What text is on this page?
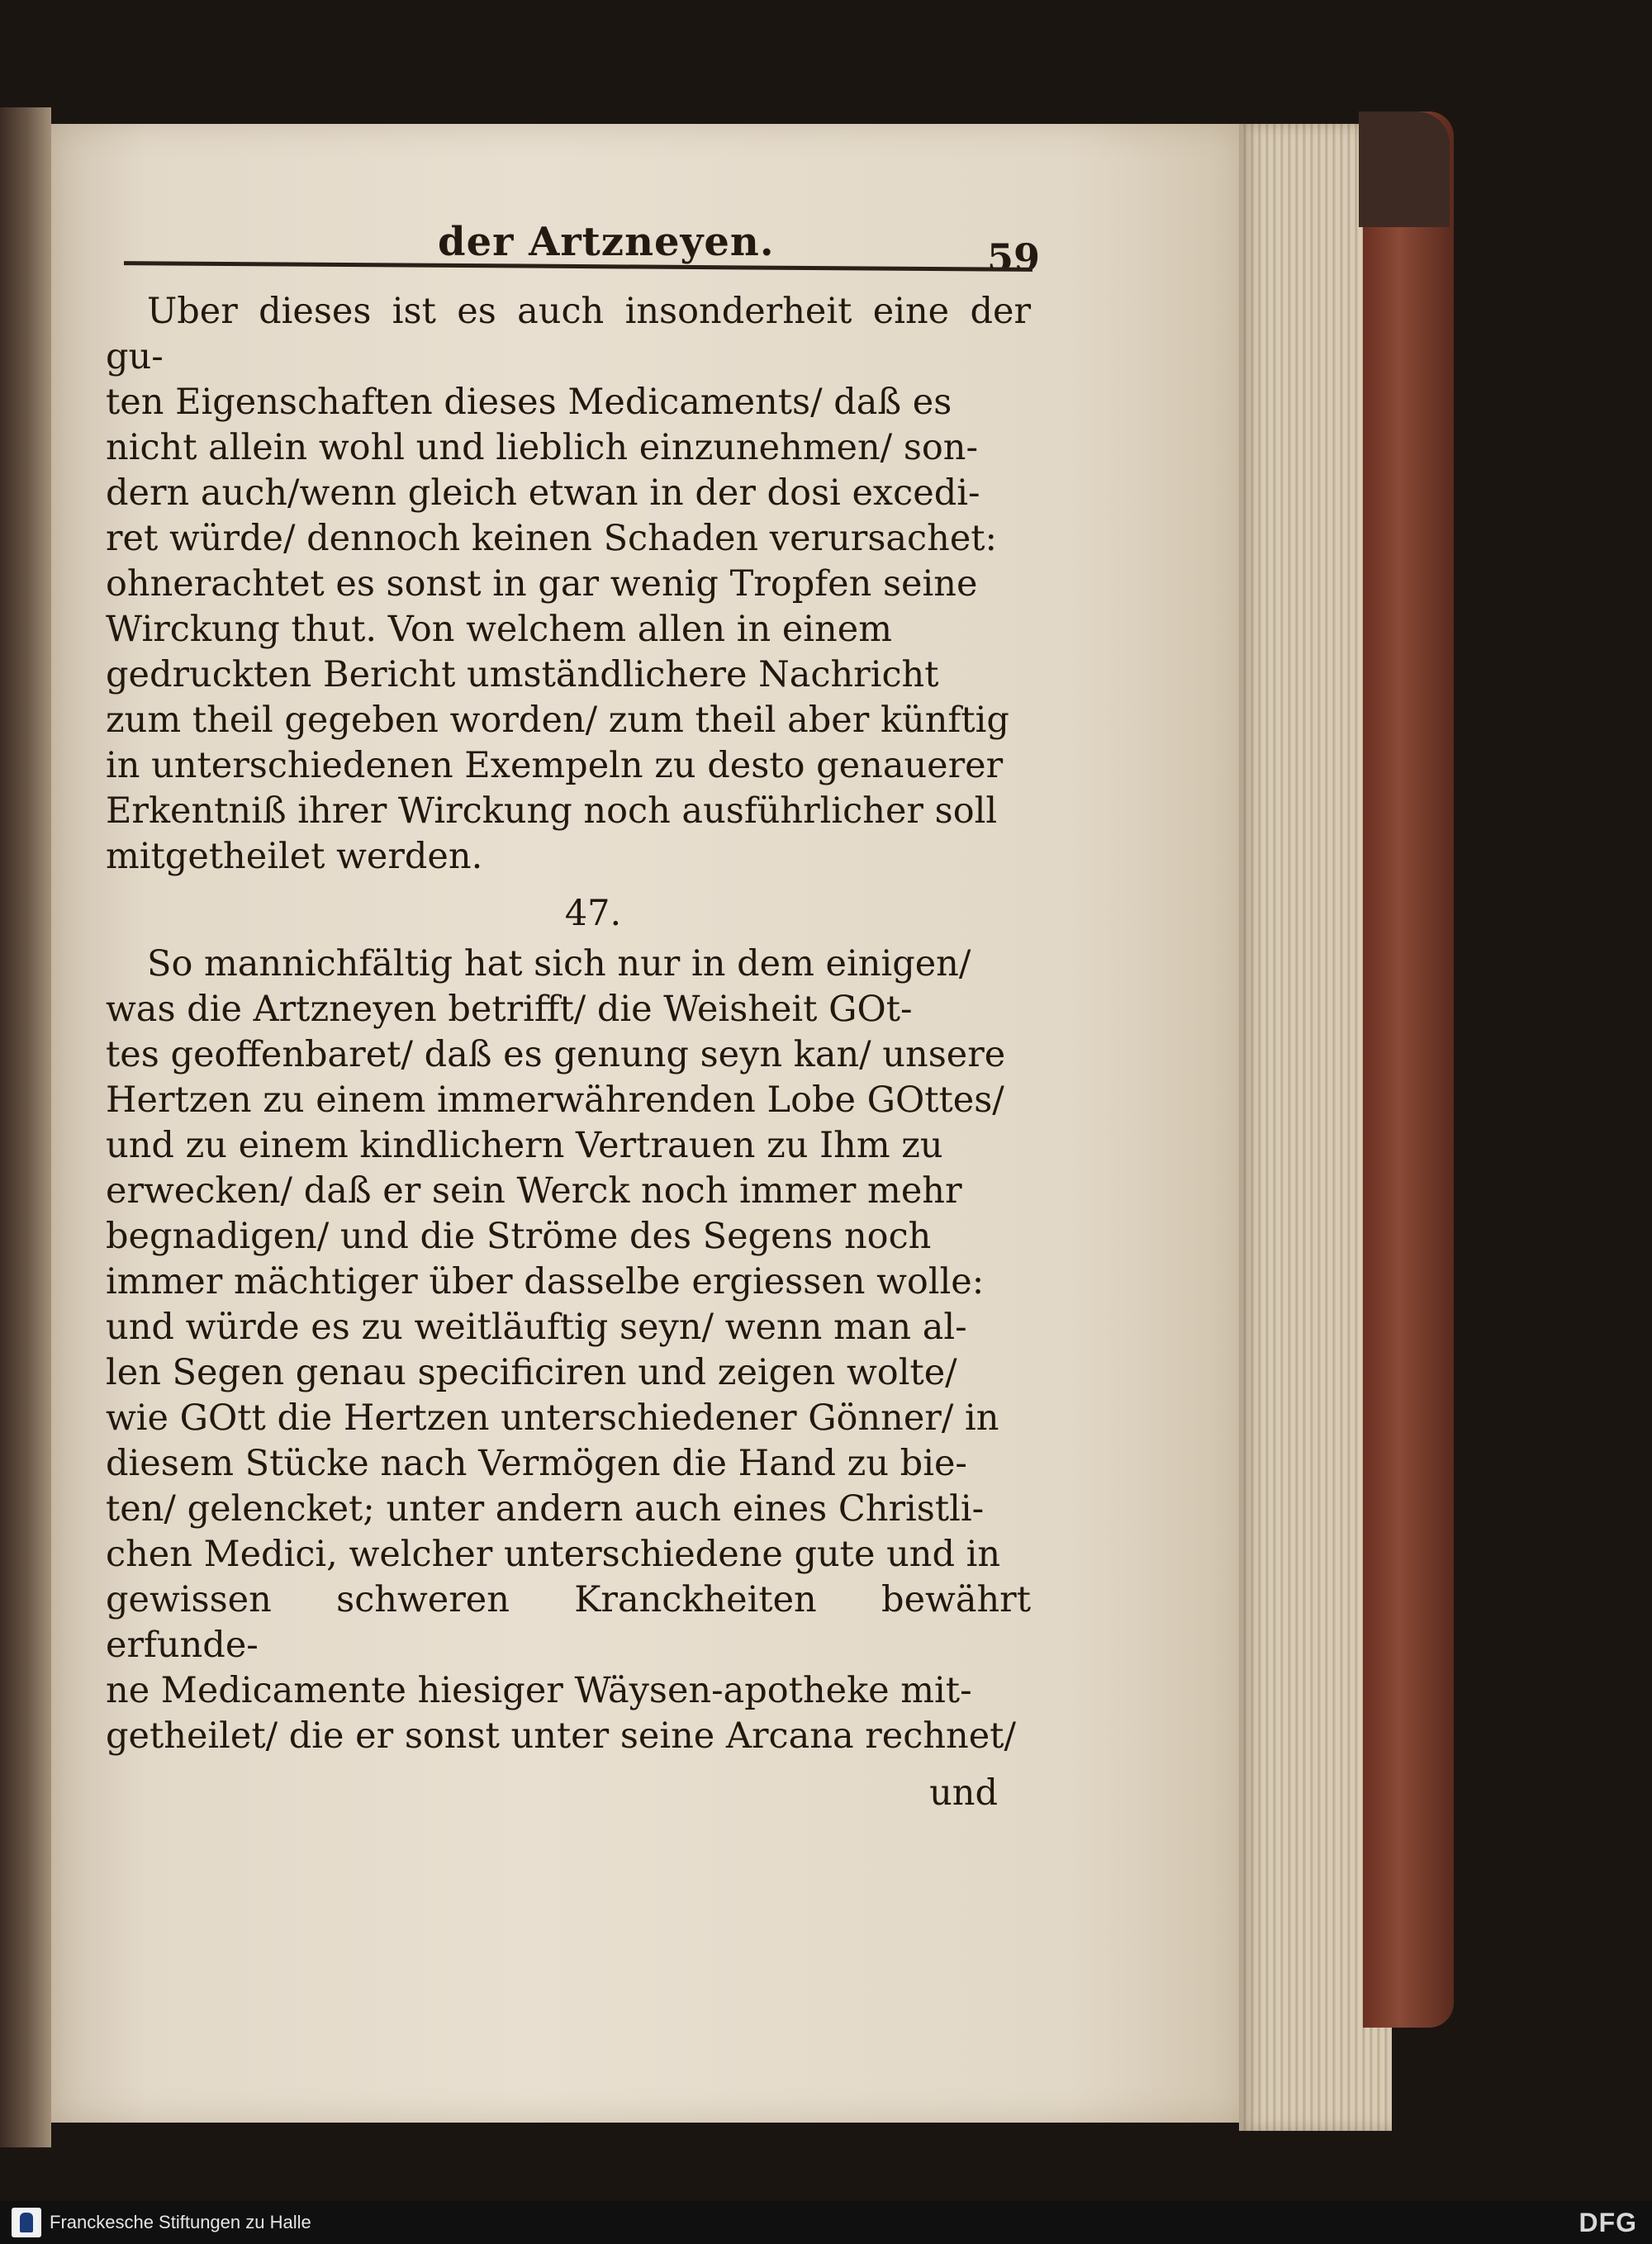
der Artzneyen.	59

Uber dieses ist es auch insonderheit eine der gu-
ten Eigenschaften dieses Medicaments/ daß es
nicht allein wohl und lieblich einzunehmen/ son-
dern auch/wenn gleich etwan in der dosi excedi-
ret würde/ dennoch keinen Schaden verursachet:
ohnerachtet es sonst in gar wenig Tropfen seine
Wirckung thut. Von welchem allen in einem
gedruckten Bericht umständlichere Nachricht
zum theil gegeben worden/ zum theil aber künftig
in unterschiedenen Exempeln zu desto genauerer
Erkentniß ihrer Wirckung noch ausführlicher soll
mitgetheilet werden.

47.

So mannichfältig hat sich nur in dem einigen/
was die Artzneyen betrifft/ die Weisheit GOt-
tes geoffenbaret/ daß es genung seyn kan/ unsere
Hertzen zu einem immerwährenden Lobe GOttes/
und zu einem kindlichern Vertrauen zu Ihm zu
erwecken/ daß er sein Werck noch immer mehr
begnadigen/ und die Ströme des Segens noch
immer mächtiger über dasselbe ergiessen wolle:
und würde es zu weitläuftig seyn/ wenn man al-
len Segen genau specificiren und zeigen wolte/
wie GOtt die Hertzen unterschiedener Gönner/ in
diesem Stücke nach Vermögen die Hand zu bie-
ten/ gelencket; unter andern auch eines Christli-
chen Medici, welcher unterschiedene gute und in
gewissen schweren Kranckheiten bewährt erfunde-
ne Medicamente hiesiger Wäysen-apotheke mit-
getheilet/ die er sonst unter seine Arcana rechnet/

und
Franckesche Stiftungen zu Halle	DFG
